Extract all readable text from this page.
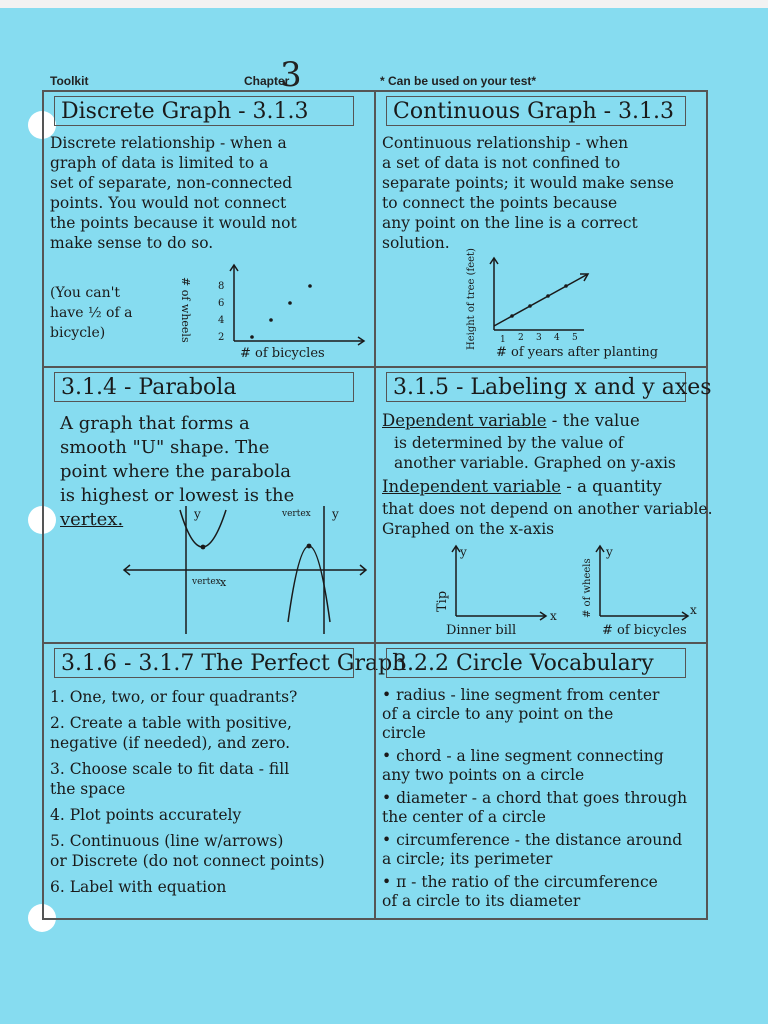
Toolkit	Chapter
3	* Can be used on your test*
Discrete Graph - 3.1.3
Discrete relationship - when a
graph of data is limited to a
set of separate, non-connected
points. You would not connect
the points because it would not
make sense to do so.
(You can't
have ½ of a
bicycle)	# of wheels	2
4
6
8
# of bicycles
Continuous Graph - 3.1.3
Continuous relationship - when
a set of data is not confined to
separate points; it would make sense
to connect the points because
any point on the line is a correct
solution.
Height of tree (feet)	1 2 3 4 5
# of years after planting
3.1.4 - Parabola
A graph that forms a
smooth "U" shape. The
point where the parabola
is highest or lowest is the
vertex.	y	y
x
vertex
vertex
3.1.5 - Labeling x and y axes
Dependent variable - the value
is determined by the value of
another variable. Graphed on y-axis
Independent variable - a quantity
that does not depend on another variable.
Graphed on the x-axis
Tip
y
x
Dinner bill
# of wheels
y
x
# of bicycles
3.1.6 - 3.1.7 The Perfect Graph
1. One, two, or four quadrants?
2. Create a table with positive,
negative (if needed), and zero.
3. Choose scale to fit data - fill
the space
4. Plot points accurately
5. Continuous (line w/arrows)
or Discrete (do not connect points)
6. Label with equation
3.2.2 Circle Vocabulary
• radius - line segment from center
of a circle to any point on the
circle
• chord - a line segment connecting
any two points on a circle
• diameter - a chord that goes through
the center of a circle
• circumference - the distance around
a circle; its perimeter
• π - the ratio of the circumference
of a circle to its diameter
